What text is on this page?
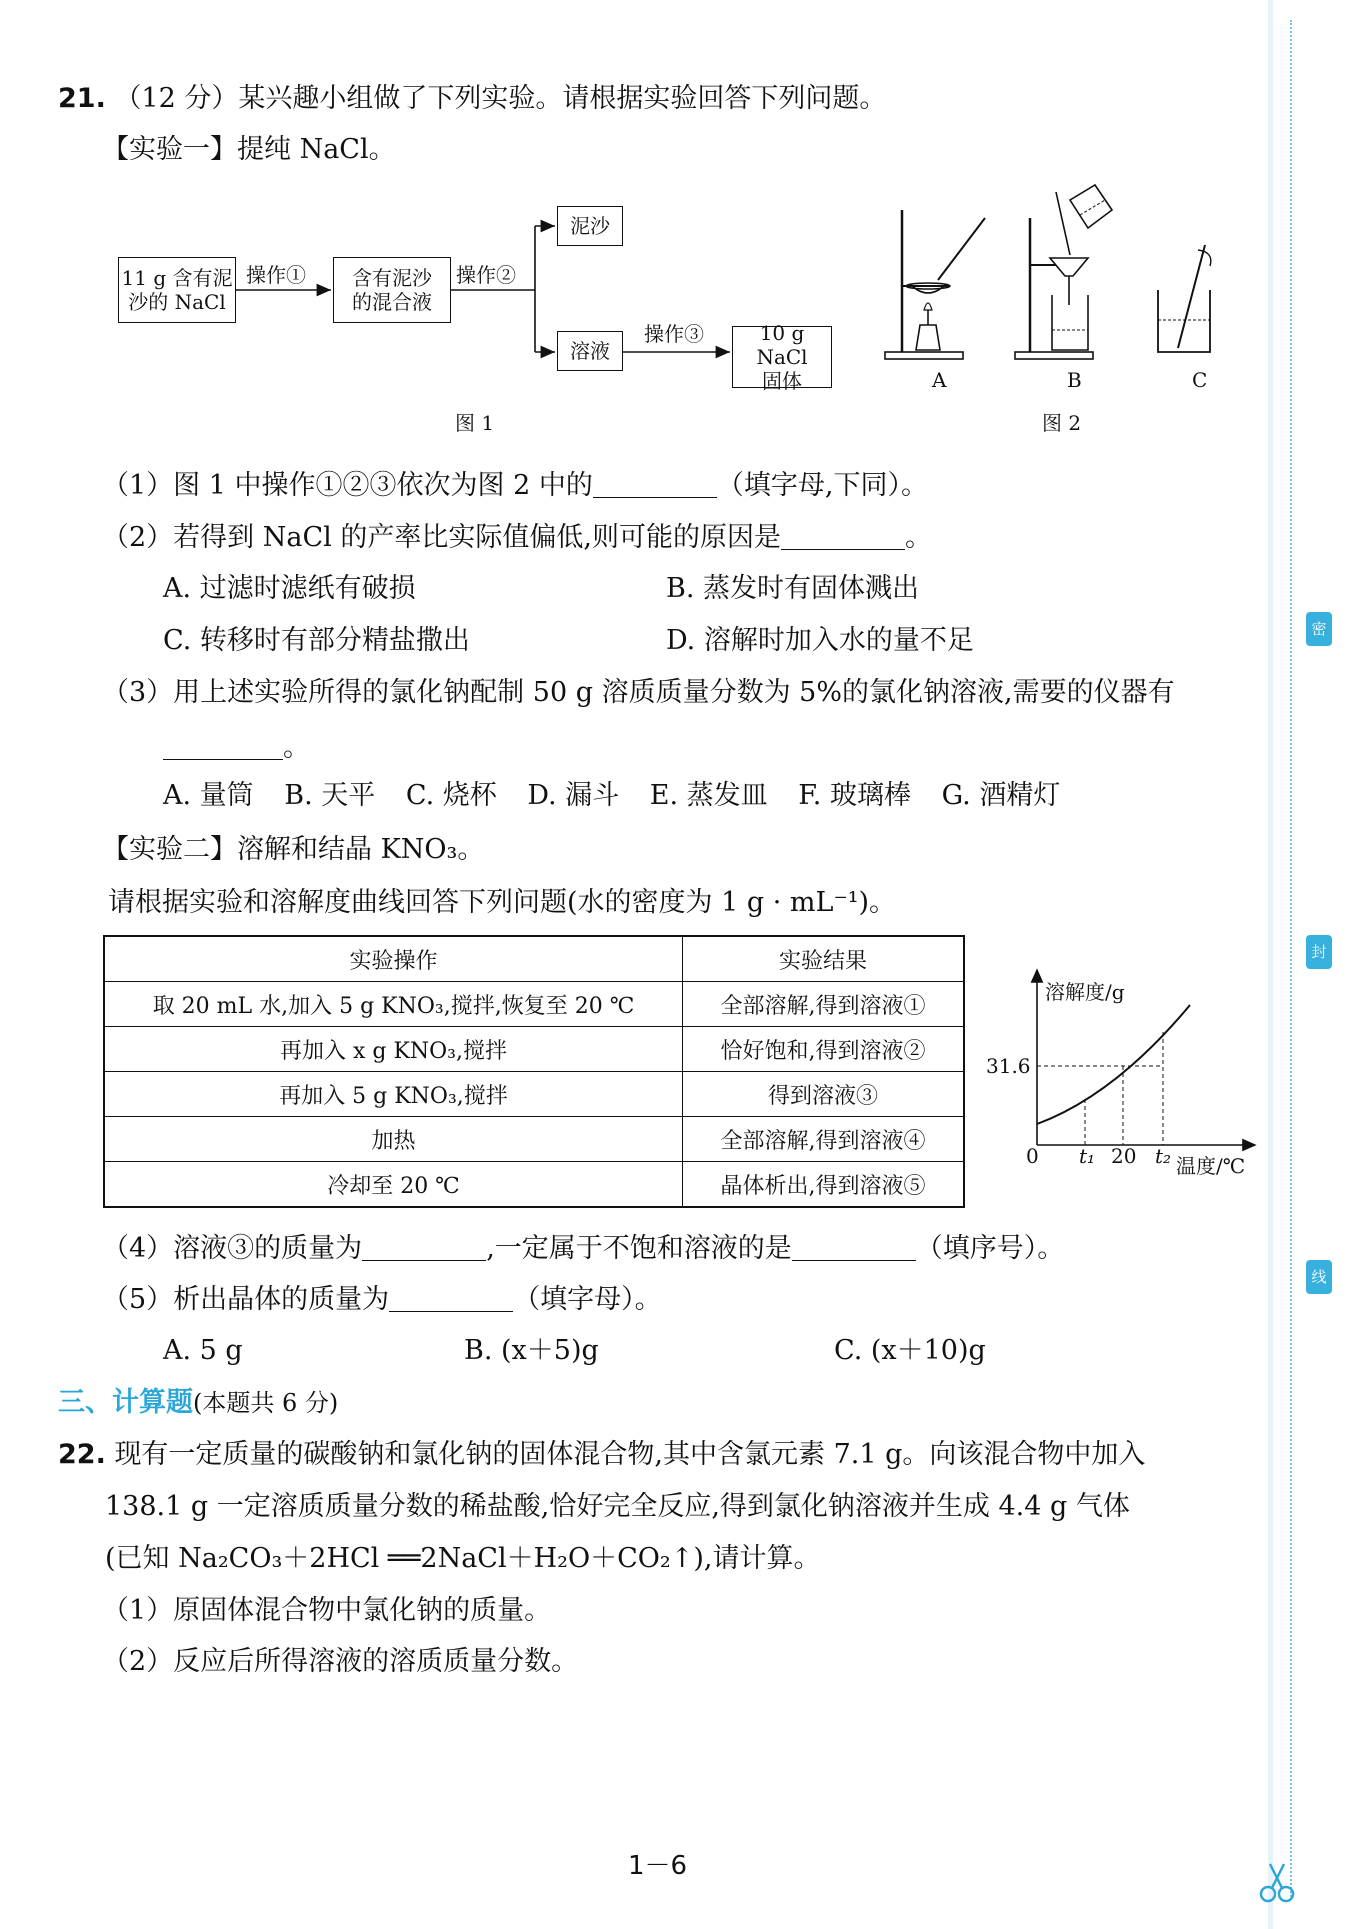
密
封
线
21. （12 分）某兴趣小组做了下列实验。请根据实验回答下列问题。
【实验一】提纯 NaCl。
11 g 含有泥
沙的 NaCl
操作① 含有泥沙
的混合液
操作②
泥沙
溶液
操作③	10 g NaCl
固体
图 1
A	B	C
图 2
（1）图 1 中操作①②③依次为图 2 中的	（填字母,下同）。
（2）若得到 NaCl 的产率比实际值偏低,则可能的原因是	。
A. 过滤时滤纸有破损	B. 蒸发时有固体溅出
C. 转移时有部分精盐撒出	D. 溶解时加入水的量不足
（3）用上述实验所得的氯化钠配制 50 g 溶质质量分数为 5%的氯化钠溶液,需要的仪器有
。
A. 量筒 B. 天平 C. 烧杯 D. 漏斗 E. 蒸发皿 F. 玻璃棒 G. 酒精灯
【实验二】溶解和结晶 KNO₃。
请根据实验和溶解度曲线回答下列问题(水的密度为 1 g · mL⁻¹)。
实验操作	实验结果
取 20 mL 水,加入 5 g KNO₃,搅拌,恢复至 20 ℃	全部溶解,得到溶液①
再加入 x g KNO₃,搅拌	恰好饱和,得到溶液②
再加入 5 g KNO₃,搅拌	得到溶液③
加热	全部溶解,得到溶液④
冷却至 20 ℃	晶体析出,得到溶液⑤
溶解度/g
31.6
0 t₁ 20 t₂ 温度/℃
（4）溶液③的质量为	,一定属于不饱和溶液的是	（填序号）。
（5）析出晶体的质量为	（填字母）。
A. 5 g	B. (x＋5)g	C. (x＋10)g
三、计算题(本题共 6 分)
22. 现有一定质量的碳酸钠和氯化钠的固体混合物,其中含氯元素 7.1 g。向该混合物中加入
138.1 g 一定溶质质量分数的稀盐酸,恰好完全反应,得到氯化钠溶液并生成 4.4 g 气体
(已知 Na₂CO₃＋2HCl ══2NaCl＋H₂O＋CO₂↑),请计算。
（1）原固体混合物中氯化钠的质量。
（2）反应后所得溶液的溶质质量分数。
1－6
